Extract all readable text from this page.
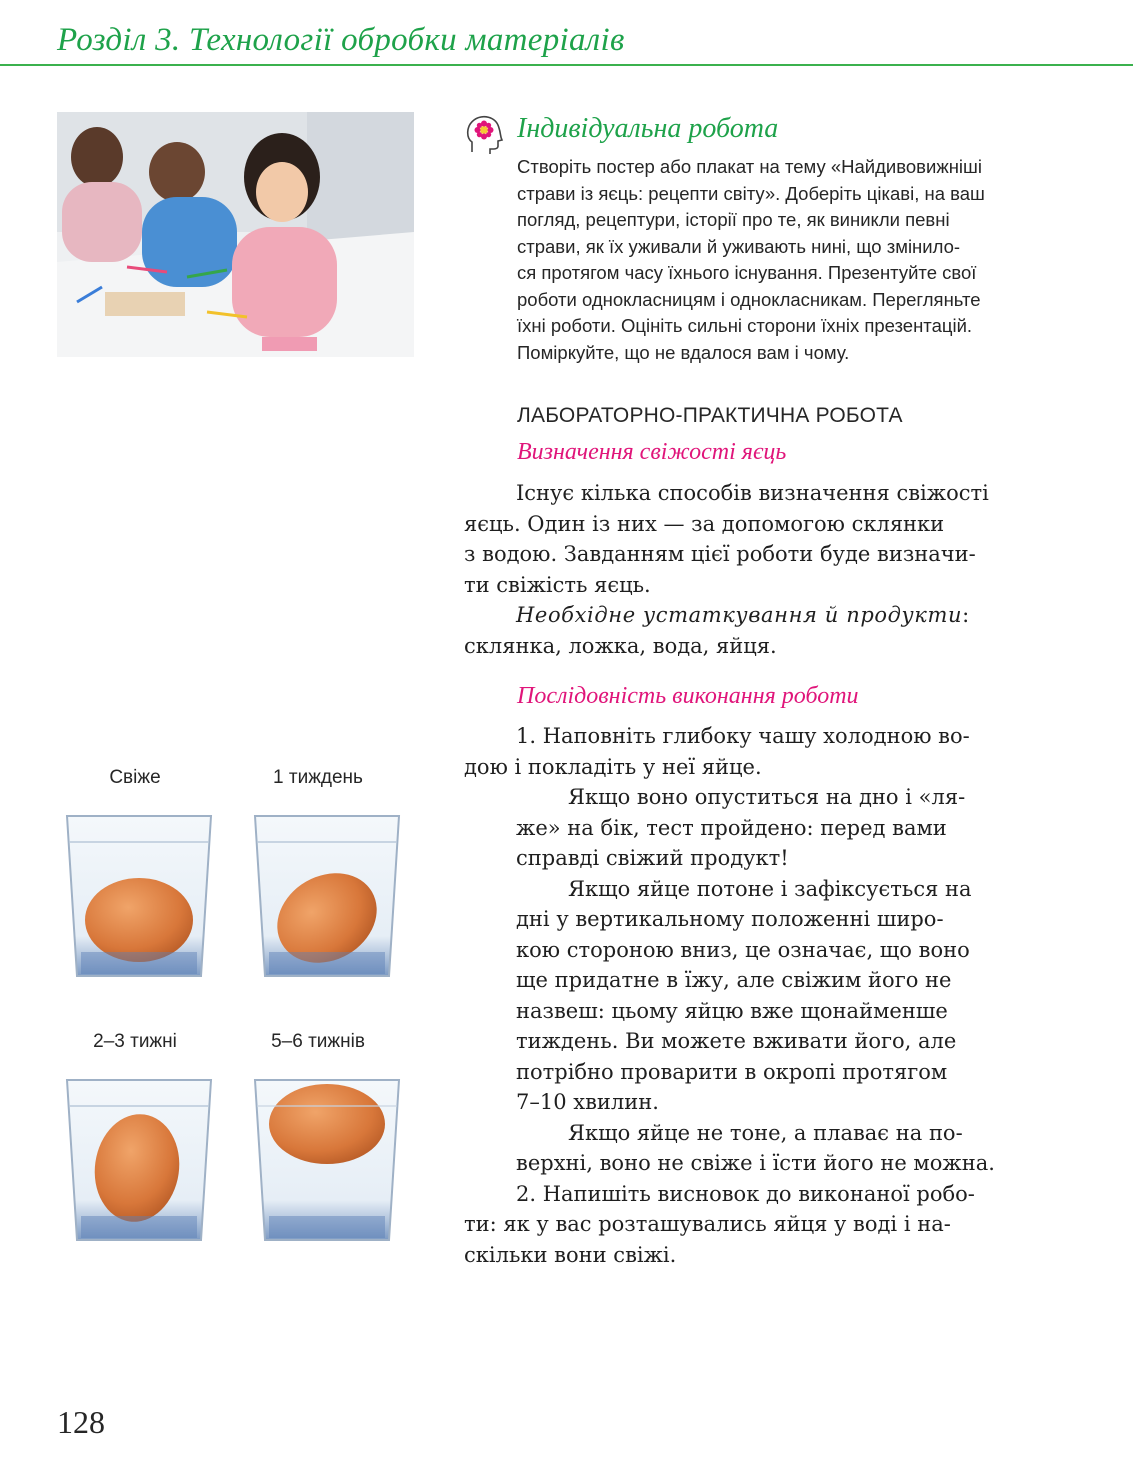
Розділ 3. Технології обробки матеріалів
Індивідуальна робота
Створіть постер або плакат на тему «Найдивовижніші
страви із яєць: рецепти світу». Доберіть цікаві, на ваш
погляд, рецептури, історії про те, як виникли певні
страви, як їх уживали й уживають нині, що змінило-
ся протягом часу їхнього існування. Презентуйте свої
роботи однокласницям і однокласникам. Перегляньте
їхні роботи. Оцініть сильні сторони їхніх презентацій.
Поміркуйте, що не вдалося вам і чому.
ЛАБОРАТОРНО-ПРАКТИЧНА РОБОТА
Визначення свіжості яєць

Існує кілька способів визначення свіжості

яєць. Один із них — за допомогою склянки

з водою. Завданням цієї роботи буде визначи-

ти свіжість яєць.

Необхідне устаткування й продукти:

склянка, ложка, вода, яйця.

Послідовність виконання роботи

1. Наповніть глибоку чашу холодною во-

дою і покладіть у неї яйце.

Якщо воно опуститься на дно і «ля-

же» на бік, тест пройдено: перед вами

справді свіжий продукт!

Якщо яйце потоне і зафіксується на

дні у вертикальному положенні широ-

кою стороною вниз, це означає, що воно

ще придатне в їжу, але свіжим його не

назвеш: цьому яйцю вже щонайменше

тиждень. Ви можете вживати його, але

потрібно проварити в окропі протягом

7–10 хвилин.

Якщо яйце не тоне, а плаває на по-

верхні, воно не свіже і їсти його не можна.

2. Напишіть висновок до виконаної робо-

ти: як у вас розташувались яйця у воді і на-

скільки вони свіжі.

Свіже	1 тиждень
2–3 тижні	5–6 тижнів
128
